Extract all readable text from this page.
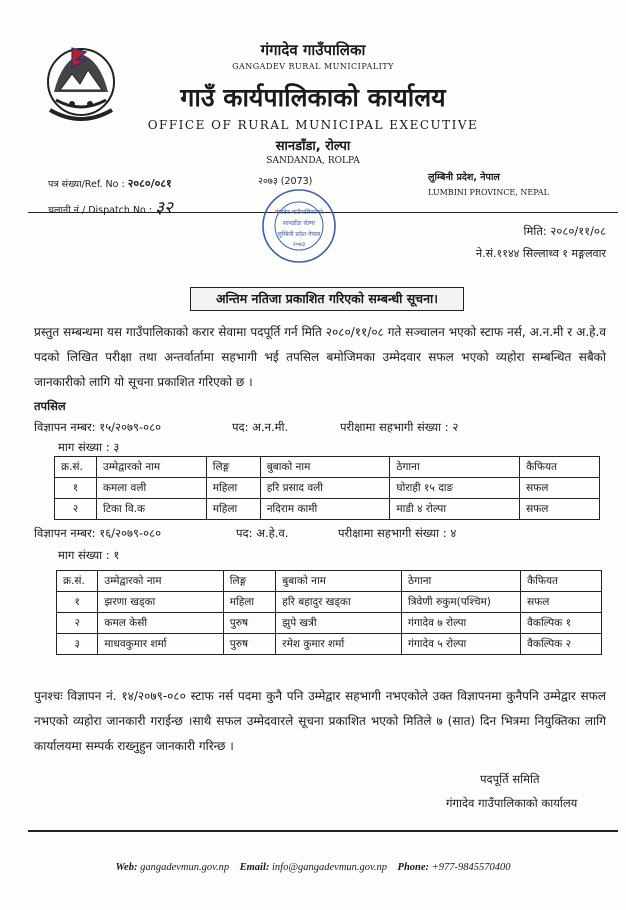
गंगादेव गाउँपालिका
GANGADEV RURAL MUNICIPALITY
गाउँ कार्यपालिकाको कार्यालय
OFFICE OF RURAL MUNICIPAL EXECUTIVE
सानडाँडा, रोल्पा
SANDANDA, ROLPA
पत्र संख्या/Ref. No : २०८०/०८१
चलानी नं / Dispatch No : ३२
२०७३ (2073)	लुम्बिनी प्रदेश, नेपाल
LUMBINI PROVINCE, NEPAL
गंगादेव गाउँपालिकाको
सानडाँडा रोल्पा
लुम्बिनी प्रदेश नेपाल
२०७३
मिति: २०८०/११/०८
ने.सं.११४४ सिल्लाथ्व १ मङ्गलवार
अन्तिम नतिजा प्रकाशित गरिएको सम्बन्धी सूचना।
प्रस्तुत सम्बन्धमा यस गाउँपालिकाको करार सेवामा पदपूर्ति गर्न मिति २०८०/११/०८ गते सञ्चालन भएको स्टाफ नर्स, अ.न.मी र अ.हे.व पदको लिखित परीक्षा तथा अन्तर्वार्तामा सहभागी भई तपसिल बमोजिमका उम्मेदवार सफल भएको व्यहोरा सम्बन्धित सबैको जानकारीको लागि यो सूचना प्रकाशित गरिएको छ ।
तपसिल
विज्ञापन नम्बर: १५/२०७९-०८०	पद: अ.न.मी.	परीक्षामा सहभागी संख्या : २
माग संख्या : ३
क्र.सं.	उम्मेद्वारको नाम	लिङ्ग	बुबाको नाम	ठेगाना	कैफियत
१	कमला वली	महिला	हरि प्रसाद वली	घोराही १५ दाङ	सफल
२	टिका वि.क	महिला	नदिराम कामी	माडी ४ रोल्पा	सफल
विज्ञापन नम्बर: १६/२०७९-०८०	पद: अ.हे.व.	परीक्षामा सहभागी संख्या : ४
माग संख्या : १
क्र.सं.	उम्मेद्वारको नाम	लिङ्ग	बुबाको नाम	ठेगाना	कैफियत
१	झरणा खड्का	महिला	हरि बहादुर खड्का	त्रिवेणी रुकुम(पश्चिम)	सफल
२	कमल केसी	पुरुष	झुपे खत्री	गंगादेव ७ रोल्पा	वैकल्पिक १
३	माधवकुमार शर्मा	पुरुष	रमेश कुमार शर्मा	गंगादेव ५ रोल्पा	वैकल्पिक २
पुनश्चः विज्ञापन नं. १४/२०७९-०८० स्टाफ नर्स पदमा कुनै पनि उम्मेद्वार सहभागी नभएकोले उक्त विज्ञापनमा कुनैपनि उम्मेद्वार सफल नभएको व्यहोरा जानकारी गराईन्छ ।साथै सफल उम्मेदवारले सूचना प्रकाशित भएको मितिले ७ (सात) दिन भित्रमा नियुक्तिका लागि कार्यालयमा सम्पर्क राख्नुहुन जानकारी गरिन्छ ।
पदपूर्ति समिति
गंगादेव गाउँपालिकाको कार्यालय
Web: gangadevmun.gov.np Email: info@gangadevmun.gov.np Phone: +977-9845570400
